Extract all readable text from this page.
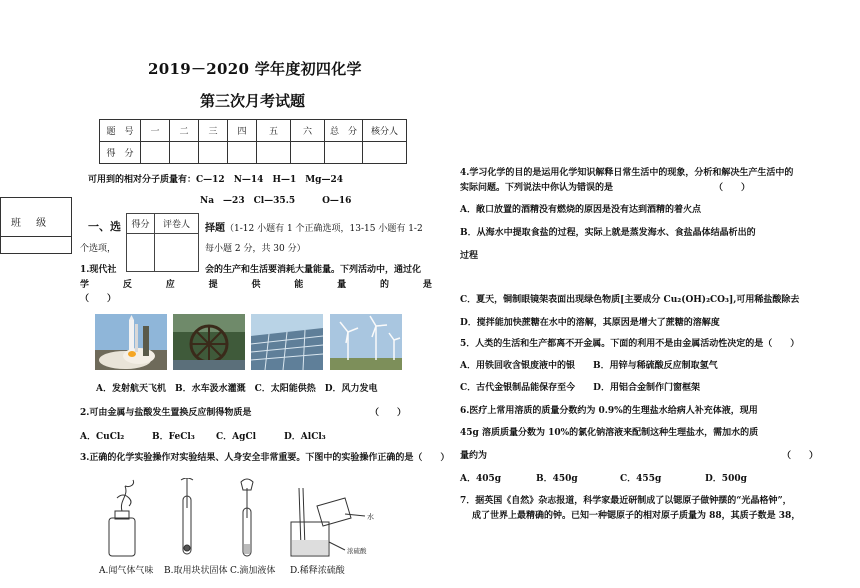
2019－2020 学年度初四化学
第三次月考试题
题　号	一	二	三	四	五	六	总　分	核分人
得　分								
可用到的相对分子质量有：C—12　N—14　H—1　Mg—24
Na　—23　Cl—35.5　　　O—16
班 级	一、选 得分	评卷人
	择题（1-12 小题有 1 个正确选项，13-15 小题有 1-2
个选项，	每小题 2 分，共 30 分）
1.现代社	会的生产和生活要消耗大量能量。下列活动中，通过化
学	反	应	提	供	能	量	的	是
（　　）
A．发射航天飞机　B．水车汲水灌溉　C．太阳能供热　D．风力发电
2.可由金属与盐酸发生置换反应制得物质是	（　　）
A．CuCl₂	B．FeCl₃ C．AgCl	D．AlCl₃
3.正确的化学实验操作对实验结果、人身安全非常重要。下图中的实验操作正确的是（　　）
水
浓硫酸
A.闻气体气味 B.取用块状固体 C.滴加液体 D.稀释浓硫酸
4.学习化学的目的是运用化学知识解释日常生活中的现象，分析和解决生产生活中的
实际问题。下列说法中你认为错误的是	（　　）
A．敞口放置的酒精没有燃烧的原因是没有达到酒精的着火点
B．从海水中提取食盐的过程，实际上就是蒸发海水、食盐晶体结晶析出的
过程
C．夏天，铜制眼镜架表面出现绿色物质[主要成分 Cu₂(OH)₂CO₃],可用稀盐酸除去
D．搅拌能加快蔗糖在水中的溶解，其原因是增大了蔗糖的溶解度
5．人类的生活和生产都离不开金属。下面的利用不是由金属活动性决定的是（　　）
A．用铁回收含银废液中的银　　B．用锌与稀硫酸反应制取氢气
C．古代金银制品能保存至今　　D．用铝合金制作门窗框架
6.医疗上常用溶质的质量分数约为 0.9%的生理盐水给病人补充体液，现用
45g 溶质质量分数为 10%的氯化钠溶液来配制这种生理盐水，需加水的质
量约为	（　　）
A．405g	B．450g	C．455g	D．500g
7．据英国《自然》杂志报道，科学家最近研制成了以锶原子做钟摆的“光晶格钟”，
成了世界上最精确的钟。已知一种锶原子的相对原子质量为 88，其质子数是 38，
